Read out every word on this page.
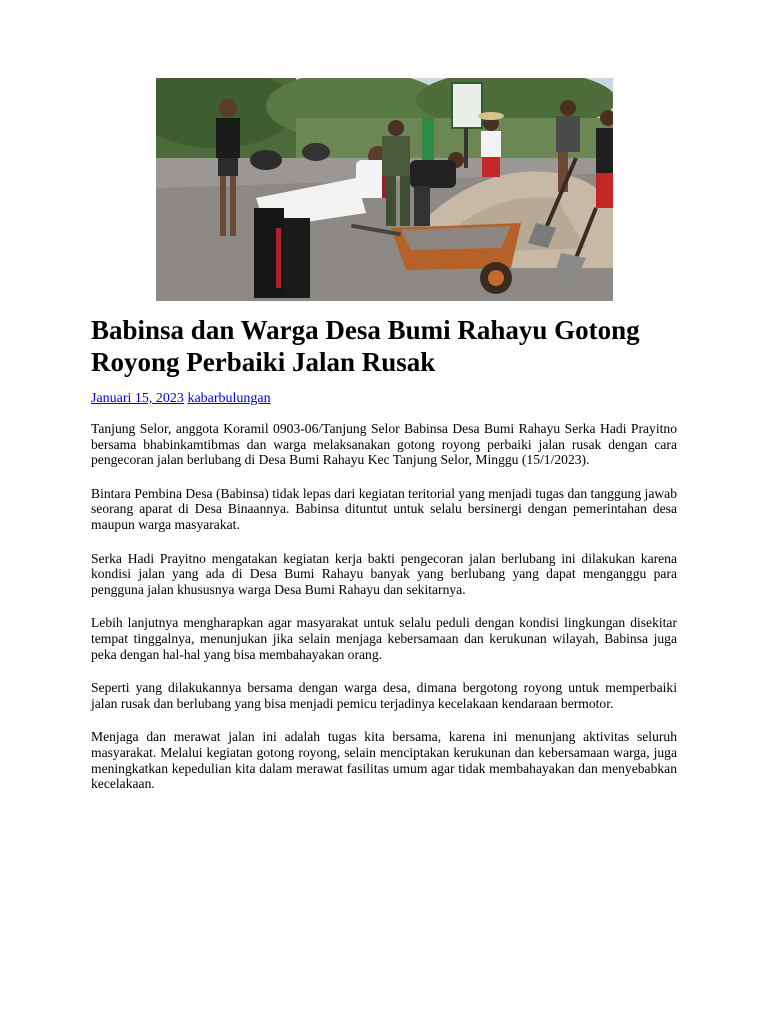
Babinsa dan Warga Desa Bumi Rahayu Gotong Royong Perbaiki Jalan Rusak
Januari 15, 2023 kabarbulungan

Tanjung Selor, anggota Koramil 0903-06/Tanjung Selor Babinsa Desa Bumi Rahayu Serka Hadi Prayitno bersama bhabinkamtibmas dan warga melaksanakan gotong royong perbaiki jalan rusak dengan cara pengecoran jalan berlubang di Desa Bumi Rahayu Kec Tanjung Selor, Minggu (15/1/2023).

Bintara Pembina Desa (Babinsa) tidak lepas dari kegiatan teritorial yang menjadi tugas dan tanggung jawab seorang aparat di Desa Binaannya. Babinsa dituntut untuk selalu bersinergi dengan pemerintahan desa maupun warga masyarakat.

Serka Hadi Prayitno mengatakan kegiatan kerja bakti pengecoran jalan berlubang ini dilakukan karena kondisi jalan yang ada di Desa Bumi Rahayu banyak yang berlubang yang dapat menganggu para pengguna jalan khususnya warga Desa Bumi Rahayu dan sekitarnya.

Lebih lanjutnya mengharapkan agar masyarakat untuk selalu peduli dengan kondisi lingkungan disekitar tempat tinggalnya, menunjukan jika selain menjaga kebersamaan dan kerukunan wilayah, Babinsa juga peka dengan hal-hal yang bisa membahayakan orang.

Seperti yang dilakukannya bersama dengan warga desa, dimana bergotong royong untuk memperbaiki jalan rusak dan berlubang yang bisa menjadi pemicu terjadinya kecelakaan kendaraan bermotor.

Menjaga dan merawat jalan ini adalah tugas kita bersama, karena ini menunjang aktivitas seluruh masyarakat. Melalui kegiatan gotong royong, selain menciptakan kerukunan dan kebersamaan warga, juga meningkatkan kepedulian kita dalam merawat fasilitas umum agar tidak membahayakan dan menyebabkan kecelakaan.
